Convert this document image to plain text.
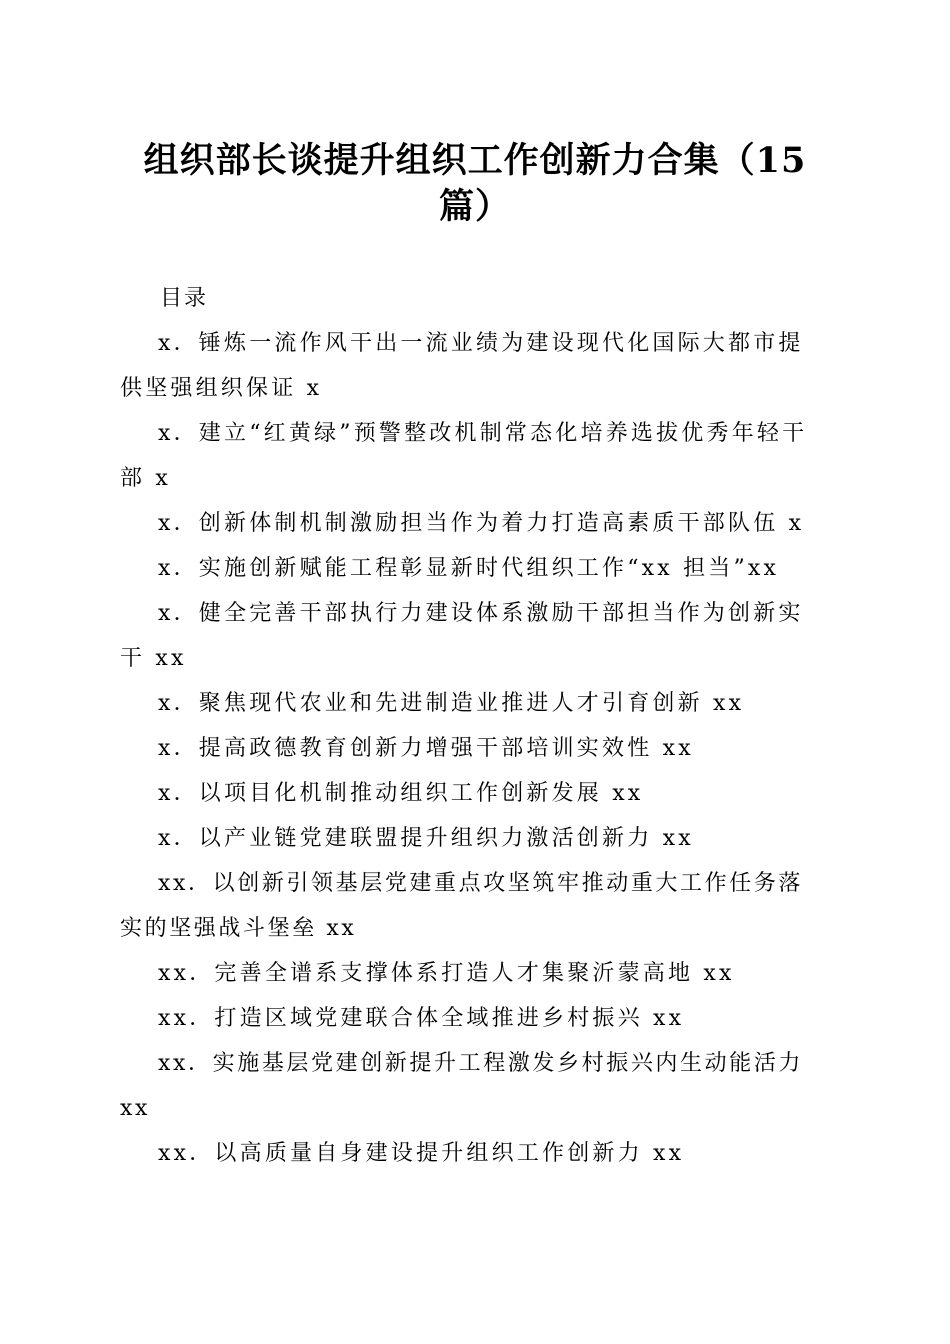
组织部长谈提升组织工作创新力合集（15篇）
目录

x．锤炼一流作风干出一流业绩为建设现代化国际大都市提供坚强组织保证 x

x．建立“红黄绿”预警整改机制常态化培养选拔优秀年轻干部 x

x．创新体制机制激励担当作为着力打造高素质干部队伍 x

x．实施创新赋能工程彰显新时代组织工作“xx 担当”xx

x．健全完善干部执行力建设体系激励干部担当作为创新实干 xx

x．聚焦现代农业和先进制造业推进人才引育创新 xx

x．提高政德教育创新力增强干部培训实效性 xx

x．以项目化机制推动组织工作创新发展 xx

x．以产业链党建联盟提升组织力激活创新力 xx

xx．以创新引领基层党建重点攻坚筑牢推动重大工作任务落实的坚强战斗堡垒 xx

xx．完善全谱系支撑体系打造人才集聚沂蒙高地 xx

xx．打造区域党建联合体全域推进乡村振兴 xx

xx．实施基层党建创新提升工程激发乡村振兴内生动能活力 xx

xx．以高质量自身建设提升组织工作创新力 xx
